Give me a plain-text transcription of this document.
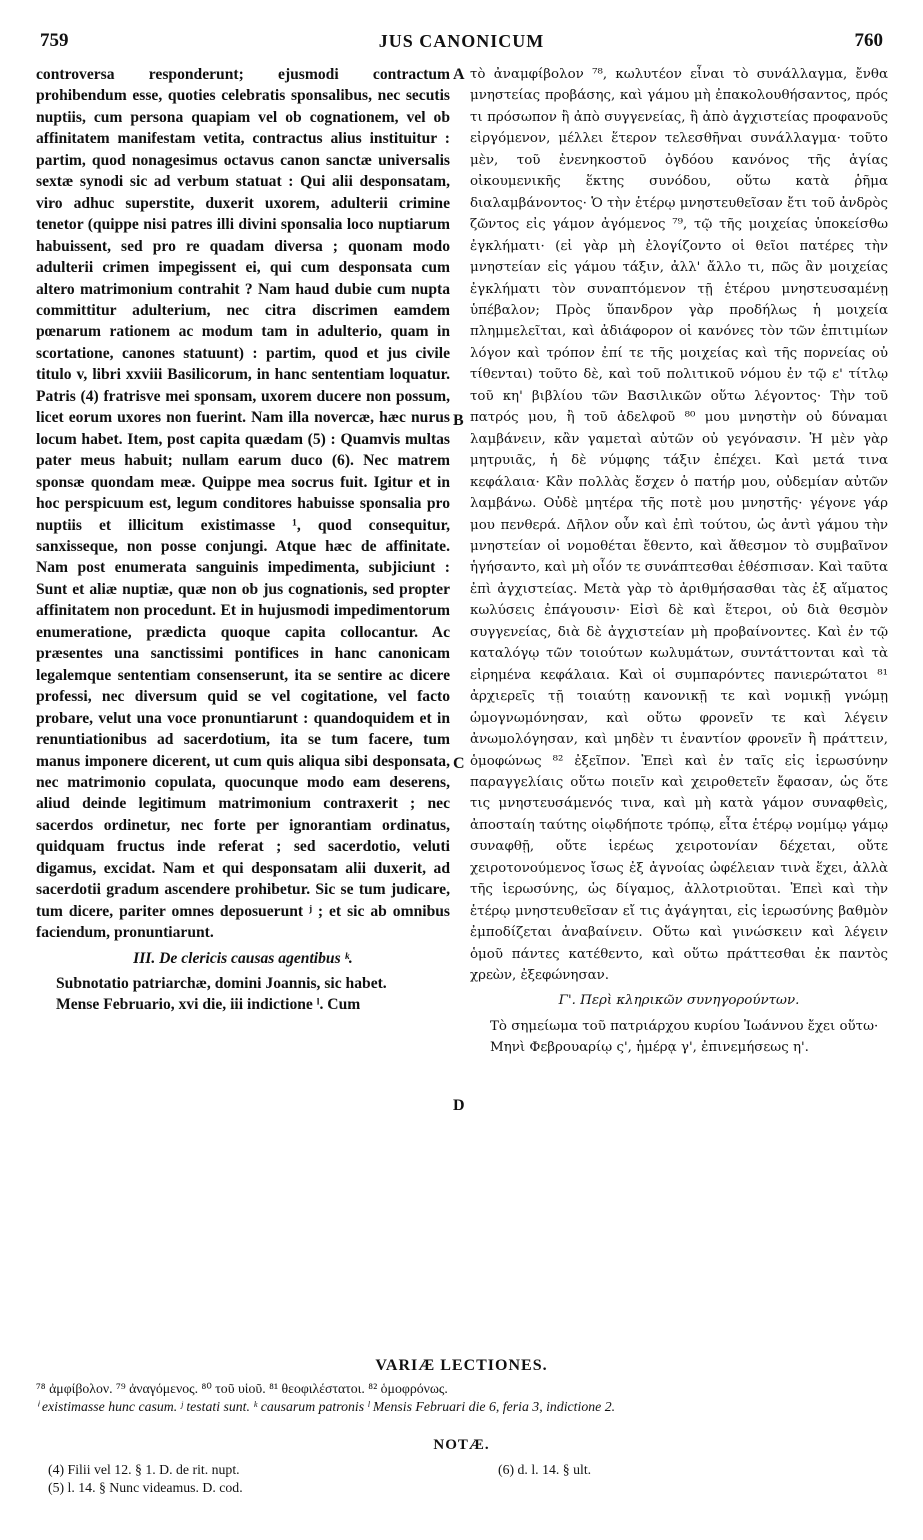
759	JUS CANONICUM	760

controversa responderunt; ejusmodi contractum prohibendum esse, quoties celebratis sponsalibus, nec secutis nuptiis, cum persona quapiam vel ob cognationem, vel ob affinitatem manifestam vetita, contractus alius instituitur : partim, quod nonagesimus octavus canon sanctæ universalis sextæ synodi sic ad verbum statuat : Qui alii desponsatam, viro adhuc superstite, duxerit uxorem, adulterii crimine tenetor (quippe nisi patres illi divini sponsalia loco nuptiarum habuissent, sed pro re quadam diversa ; quonam modo adulterii crimen impegissent ei, qui cum desponsata cum altero matrimonium contrahit ? Nam haud dubie cum nupta committitur adulterium, nec citra discrimen eamdem pœnarum rationem ac modum tam in adulterio, quam in scortatione, canones statuunt) : partim, quod et jus civile titulo v, libri xxviii Basilicorum, in hanc sententiam loquatur. Patris (4) fratrisve mei sponsam, uxorem ducere non possum, licet eorum uxores non fuerint. Nam illa novercæ, hæc nurus locum habet. Item, post capita quædam (5) : Quamvis multas pater meus habuit; nullam earum duco (6). Nec matrem sponsæ quondam meæ. Quippe mea socrus fuit. Igitur et in hoc perspicuum est, legum conditores habuisse sponsalia pro nuptiis et illicitum existimasse ¹, quod consequitur, sanxisseque, non posse conjungi. Atque hæc de affinitate. Nam post enumerata sanguinis impedimenta, subjiciunt : Sunt et aliæ nuptiæ, quæ non ob jus cognationis, sed propter affinitatem non procedunt. Et in hujusmodi impedimentorum enumeratione, prædicta quoque capita collocantur. Ac præsentes una sanctissimi pontifices in hanc canonicam legalemque sententiam consenserunt, ita se sentire ac dicere professi, nec diversum quid se vel cogitatione, vel facto probare, velut una voce pronuntiarunt : quandoquidem et in renuntiationibus ad sacerdotium, ita se tum facere, tum manus imponere dicerent, ut cum quis aliqua sibi desponsata, nec matrimonio copulata, quocunque modo eam deserens, aliud deinde legitimum matrimonium contraxerit ; nec sacerdos ordinetur, nec forte per ignorantiam ordinatus, quidquam fructus inde referat ; sed sacerdotio, veluti digamus, excidat. Nam et qui desponsatam alii duxerit, ad sacerdotii gradum ascendere prohibetur. Sic se tum judicare, tum dicere, pariter omnes deposuerunt ʲ ; et sic ab omnibus faciendum, pronuntiarunt.

III. De clericis causas agentibus ᵏ.

Subnotatio patriarchæ, domini Joannis, sic habet.

Mense Februario, xvi die, iii indictione ˡ. Cum

A
B
C
D

τὸ ἀναμφίβολον ⁷⁸, κωλυτέον εἶναι τὸ συνάλλαγμα, ἔνθα μνηστείας προβάσης, καὶ γάμου μὴ ἐπακολουθήσαντος, πρός τι πρόσωπον ἢ ἀπὸ συγγενείας, ἢ ἀπὸ ἀγχιστείας προφανοῦς εἰργόμενον, μέλλει ἕτερον τελεσθῆναι συνάλλαγμα· τοῦτο μὲν, τοῦ ἐνενηκοστοῦ ὀγδόου κανόνος τῆς ἁγίας οἰκουμενικῆς ἕκτης συνόδου, οὕτω κατὰ ῥῆμα διαλαμβάνοντος· Ὁ τὴν ἑτέρῳ μνηστευθεῖσαν ἔτι τοῦ ἀνδρὸς ζῶντος εἰς γάμον ἀγόμενος ⁷⁹, τῷ τῆς μοιχείας ὑποκείσθω ἐγκλήματι· (εἰ γὰρ μὴ ἐλογίζοντο οἱ θεῖοι πατέρες τὴν μνηστείαν εἰς γάμου τάξιν, ἀλλ' ἄλλο τι, πῶς ἂν μοιχείας ἐγκλήματι τὸν συναπτόμενον τῇ ἑτέρου μνηστευσαμένῃ ὑπέβαλον; Πρὸς ὕπανδρον γὰρ προδήλως ἡ μοιχεία πλημμελεῖται, καὶ ἀδιάφορον οἱ κανόνες τὸν τῶν ἐπιτιμίων λόγον καὶ τρόπον ἐπί τε τῆς μοιχείας καὶ τῆς πορνείας οὐ τίθενται) τοῦτο δὲ, καὶ τοῦ πολιτικοῦ νόμου ἐν τῷ ε' τίτλῳ τοῦ κη' βιβλίου τῶν Βασιλικῶν οὕτω λέγοντος· Τὴν τοῦ πατρός μου, ἢ τοῦ ἀδελφοῦ ⁸⁰ μου μνηστὴν οὐ δύναμαι λαμβάνειν, κἂν γαμεταὶ αὐτῶν οὐ γεγόνασιν. Ἡ μὲν γὰρ μητρυιᾶς, ἡ δὲ νύμφης τάξιν ἐπέχει. Καὶ μετά τινα κεφάλαια· Κἂν πολλὰς ἔσχεν ὁ πατήρ μου, οὐδεμίαν αὐτῶν λαμβάνω. Οὐδὲ μητέρα τῆς ποτὲ μου μνηστῆς· γέγονε γάρ μου πενθερά. Δῆλον οὖν καὶ ἐπὶ τούτου, ὡς ἀντὶ γάμου τὴν μνηστείαν οἱ νομοθέται ἔθεντο, καὶ ἄθεσμον τὸ συμβαῖνον ἡγήσαντο, καὶ μὴ οἷόν τε συνάπτεσθαι ἐθέσπισαν. Καὶ ταῦτα ἐπὶ ἀγχιστείας. Μετὰ γὰρ τὸ ἀριθμήσασθαι τὰς ἐξ αἵματος κωλύσεις ἐπάγουσιν· Εἰσὶ δὲ καὶ ἕτεροι, οὐ διὰ θεσμὸν συγγενείας, διὰ δὲ ἀγχιστείαν μὴ προβαίνοντες. Καὶ ἐν τῷ καταλόγῳ τῶν τοιούτων κωλυμάτων, συντάττονται καὶ τὰ εἰρημένα κεφάλαια. Καὶ οἱ συμπαρόντες πανιερώτατοι ⁸¹ ἀρχιερεῖς τῇ τοιαύτῃ κανονικῇ τε καὶ νομικῇ γνώμῃ ὡμογνωμόνησαν, καὶ οὕτω φρονεῖν τε καὶ λέγειν ἀνωμολόγησαν, καὶ μηδὲν τι ἐναντίον φρονεῖν ἢ πράττειν, ὁμοφώνως ⁸² ἐξεῖπον. Ἐπεὶ καὶ ἐν ταῖς εἰς ἱερωσύνην παραγγελίαις οὕτω ποιεῖν καὶ χειροθετεῖν ἔφασαν, ὡς ὅτε τις μνηστευσάμενός τινα, καὶ μὴ κατὰ γάμον συναφθεὶς, ἀποσταίη ταύτης οἱῳδήποτε τρόπῳ, εἶτα ἑτέρῳ νομίμῳ γάμῳ συναφθῇ, οὔτε ἱερέως χειροτονίαν δέχεται, οὔτε χειροτονούμενος ἴσως ἐξ ἀγνοίας ὠφέλειαν τινὰ ἕχει, ἀλλὰ τῆς ἱερωσύνης, ὡς δίγαμος, ἀλλοτριοῦται. Ἐπεὶ καὶ τὴν ἑτέρῳ μνηστευθεῖσαν εἴ τις ἀγάγηται, εἰς ἱερωσύνης βαθμὸν ἐμποδίζεται ἀναβαίνειν. Οὕτω καὶ γινώσκειν καὶ λέγειν ὁμοῦ πάντες κατέθεντο, καὶ οὕτω πράττεσθαι ἐκ παντὸς χρεὼν, ἐξεφώνησαν.

Γ'. Περὶ κληρικῶν συνηγορούντων.

Τὸ σημείωμα τοῦ πατριάρχου κυρίου Ἰωάννου ἔχει οὕτω·

Μηνὶ Φεβρουαρίῳ ς', ἡμέρᾳ γ', ἐπινεμήσεως η'.

VARIÆ LECTIONES.

⁷⁸ ἀμφίβολον. ⁷⁹ ἀναγόμενος. ⁸⁰ τοῦ υἱοῦ. ⁸¹ θεοφιλέστατοι. ⁸² ὁμοφρόνως.

ⁱ existimasse hunc casum. ʲ testati sunt. ᵏ causarum patronis ˡ Mensis Februari die 6, feria 3, indictione 2.

NOTÆ.

(4) Filii vel 12. § 1. D. de rit. nupt.

(5) l. 14. § Nunc videamus. D. cod.

(6) d. l. 14. § ult.
